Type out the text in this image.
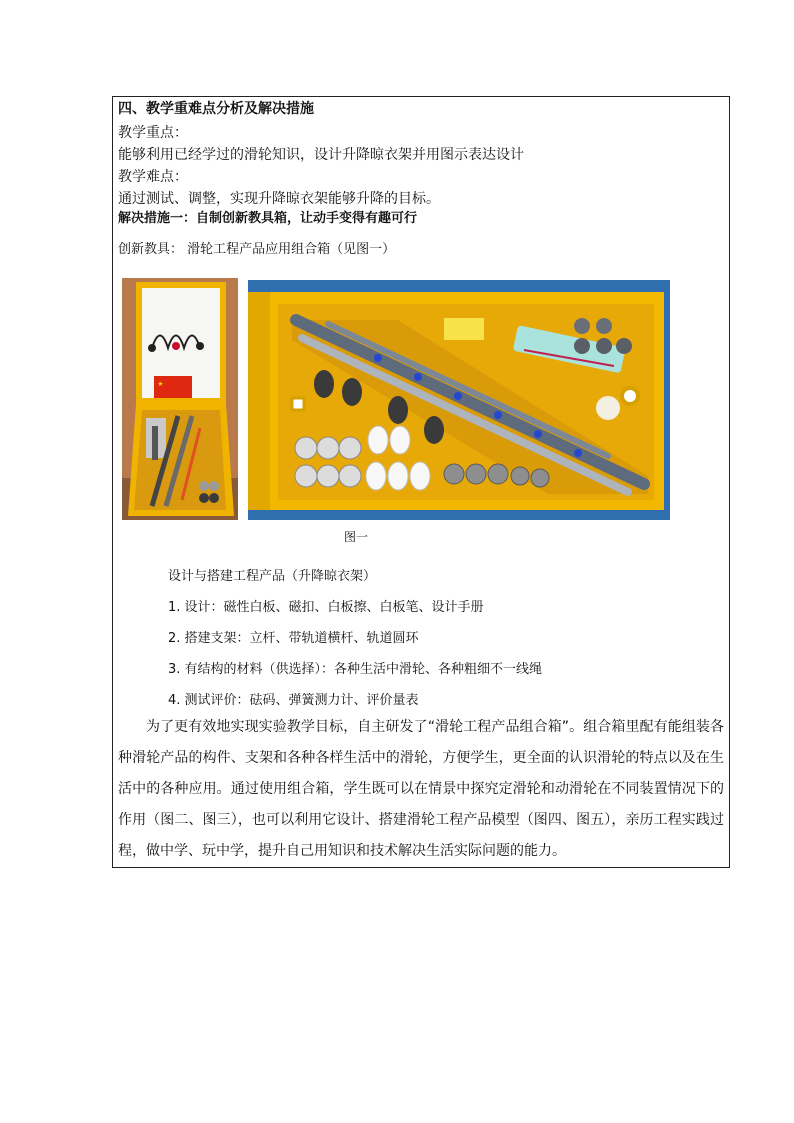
四、教学重难点分析及解决措施
教学重点：
能够利用已经学过的滑轮知识，设计升降晾衣架并用图示表达设计
教学难点：
通过测试、调整，实现升降晾衣架能够升降的目标。
解决措施一：自制创新教具箱，让动手变得有趣可行
创新教具： 滑轮工程产品应用组合箱（见图一）
图一
设计与搭建工程产品（升降晾衣架）
1. 设计：磁性白板、磁扣、白板擦、白板笔、设计手册
2. 搭建支架：立杆、带轨道横杆、轨道圆环
3. 有结构的材料（供选择）：各种生活中滑轮、各种粗细不一线绳
4. 测试评价：砝码、弹簧测力计、评价量表

为了更有效地实现实验教学目标，自主研发了“滑轮工程产品组合箱”。组合箱里配有能组装各种滑轮产品的构件、支架和各种各样生活中的滑轮，方便学生，更全面的认识滑轮的特点以及在生活中的各种应用。通过使用组合箱，学生既可以在情景中探究定滑轮和动滑轮在不同装置情况下的作用（图二、图三），也可以利用它设计、搭建滑轮工程产品模型（图四、图五），亲历工程实践过程，做中学、玩中学，提升自己用知识和技术解决生活实际问题的能力。
